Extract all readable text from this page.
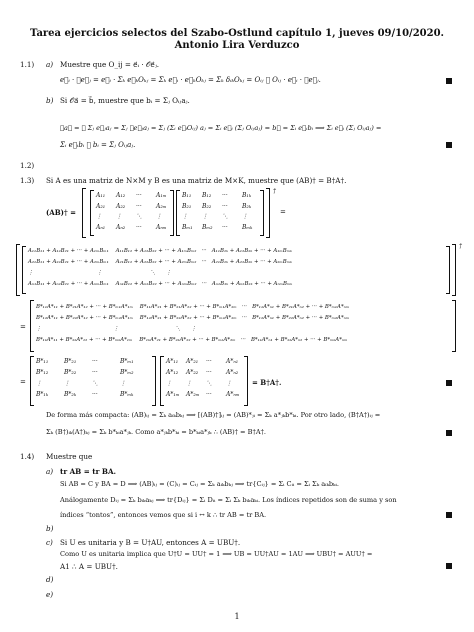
Tarea ejercicios selectos del Szabo-Ostlund capítulo 1, jueves 09/10/2020.
Antonio Lira Verduzco
1.1) a) Muestre que O_ij = e⃗ᵢ · 𝒪e⃗ⱼ.
e⃗ᵢ · 𝒪e⃗ⱼ = e⃗ᵢ · Σₖ e⃗ₖOₖⱼ = Σₖ e⃗ᵢ · e⃗ₖOₖⱼ = Σₖ δᵢₖOₖⱼ = Oᵢⱼ ∴ Oᵢⱼ · e⃗ᵢ · 𝒪e⃗ⱼ.
b) Si 𝒪a⃗ = b⃗, muestre que bᵢ = Σⱼ Oᵢⱼaⱼ.
𝒪a⃗ = 𝒪 Σⱼ e⃗ⱼaⱼ = Σⱼ 𝒪e⃗ⱼaⱼ = Σⱼ (Σᵢ e⃗ᵢOᵢⱼ) aⱼ = Σᵢ e⃗ᵢ (Σⱼ Oᵢⱼaⱼ) = b⃗ = Σᵢ e⃗ᵢbᵢ ⟹ Σᵢ e⃗ᵢ (Σⱼ Oᵢⱼaⱼ) =
Σᵢ e⃗ᵢbᵢ ∴ bᵢ = Σⱼ Oᵢⱼaⱼ.
1.2)
1.3) Si A es una matriz de N×M y B es una matriz de M×K, muestre que (AB)† = B†A†.
(AB)† =
A₁₁ A₁₂ ··· A₁ₘ
A₂₁ A₂₂ ··· A₂ₘ
⋮ ⋮ ⋱ ⋮
Aₙ₁ Aₙ₂ ··· Aₙₘ
B₁₁ B₁₂ ··· B₁ₖ
B₂₁ B₂₂ ··· B₂ₖ
⋮ ⋮ ⋱ ⋮
Bₘ₁ Bₘ₂ ··· Bₘₖ
†
=
A₁₁B₁₁ + A₁₂B₂₁ + ··· + A₁ₘBₘ₁    A₁₁B₁₂ + A₁₂B₂₂ + ··· + A₁ₘBₘ₂   ···   A₁₁B₁ₖ + A₁₂B₂ₖ + ··· + A₁ₘBₘₖ
A₂₁B₁₁ + A₂₂B₂₁ + ··· + A₂ₘBₘ₁    A₂₁B₁₂ + A₂₂B₂₂ + ··· + A₂ₘBₘ₂   ···   A₂₁B₁ₖ + A₂₂B₂ₖ + ··· + A₂ₘBₘₖ
⋮                                     ⋮                            ⋱      ⋮
Aₙ₁B₁₁ + Aₙ₂B₂₁ + ··· + AₙₘBₘ₁    Aₙ₁B₁₂ + Aₙ₂B₂₂ + ··· + AₙₘBₘ₂   ···   Aₙ₁B₁ₖ + Aₙ₂B₂ₖ + ··· + AₙₘBₘₖ
†
=
B*₁₁A*₁₁ + B*₂₁A*₁₂ + ··· + B*ₘ₁A*₁ₘ    B*₁₁A*₂₁ + B*₂₁A*₂₂ + ··· + B*ₘ₁A*₂ₘ   ···   B*₁₁A*ₙ₁ + B*₂₁A*ₙ₂ + ··· + B*ₘ₁A*ₙₘ
B*₁₂A*₁₁ + B*₂₂A*₁₂ + ··· + B*ₘ₂A*₁ₘ    B*₁₂A*₂₁ + B*₂₂A*₂₂ + ··· + B*ₘ₂A*₂ₘ   ···   B*₁₂A*ₙ₁ + B*₂₂A*ₙ₂ + ··· + B*ₘ₂A*ₙₘ
⋮                                          ⋮                                 ⋱      ⋮
B*₁ₖA*₁₁ + B*₂ₖA*₁₂ + ··· + B*ₘₖA*₁ₘ    B*₁ₖA*₂₁ + B*₂ₖA*₂₂ + ··· + B*ₘₖA*₂ₘ   ···   B*₁ₖA*ₙ₁ + B*₂ₖA*ₙ₂ + ··· + B*ₘₖA*ₙₘ
=
B*₁₁	B*₂₁	···	B*ₘ₁
B*₁₂	B*₂₂	···	B*ₘ₂
⋮	⋮	⋱	⋮
B*₁ₖ	B*₂ₖ	···	B*ₘₖ
A*₁₁ A*₂₁ ··· A*ₙ₁
A*₁₂ A*₂₂ ··· A*ₙ₂
⋮ ⋮ ⋱ ⋮
A*₁ₘ A*₂ₘ ··· A*ₙₘ
= B†A†.
De forma más compacta: (AB)ᵢⱼ = Σₖ aᵢₖbₖⱼ ⟹ [(AB)†]ᵢⱼ = (AB)*ⱼᵢ = Σₖ a*ⱼₖb*ₖᵢ. Por otro lado, (B†A†)ᵢⱼ =
Σₖ (B†)ᵢₖ(A†)ₖⱼ = Σₖ b*ₖᵢa*ⱼₖ. Como a*ⱼₖb*ₖᵢ = b*ₖᵢa*ⱼₖ ∴ (AB)† = B†A†.
1.4) Muestre que
a) tr AB = tr BA.
Si AB = C y BA = D ⟹ (AB)ᵢⱼ = (C)ᵢⱼ = Cᵢⱼ = Σₖ aᵢₖbₖⱼ ⟹ tr{Cᵢⱼ} = Σᵢ Cᵢᵢ = Σᵢ Σₖ aᵢₖbₖᵢ.
Análogamente Dᵢⱼ = Σₖ bᵢₖaₖⱼ ⟹ tr{Dᵢⱼ} = Σᵢ Dᵢᵢ = Σᵢ Σₖ bᵢₖaₖᵢ. Los índices repetidos son de suma y son
índices “tontos”, entonces vemos que si i ↔ k ∴ tr AB = tr BA.
b)
c) Si U es unitaria y B = U†AU, entonces A = UBU†.
Como U es unitaria implica que U†U = UU† = 1 ⟹ UB = UU†AU = 1AU ⟹ UBU† = AUU† =
A1 ∴ A = UBU†.
d)
e)
1
